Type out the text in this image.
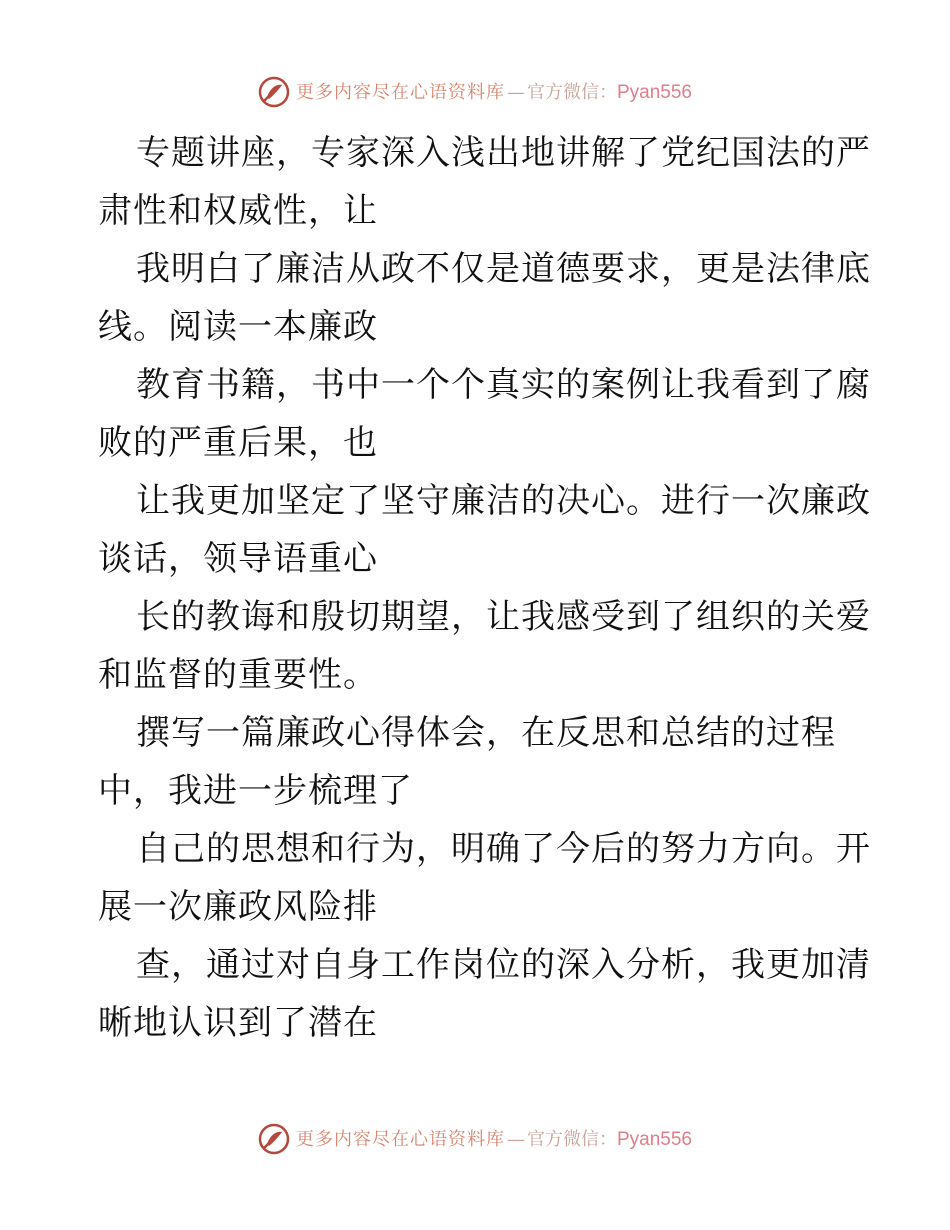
更多内容尽在心语资料库 — 官方微信： Pyan556

专题讲座，专家深入浅出地讲解了党纪国法的严
肃性和权威性，让

我明白了廉洁从政不仅是道德要求，更是法律底
线。阅读一本廉政

教育书籍，书中一个个真实的案例让我看到了腐
败的严重后果，也

让我更加坚定了坚守廉洁的决心。进行一次廉政
谈话，领导语重心

长的教诲和殷切期望，让我感受到了组织的关爱
和监督的重要性。

撰写一篇廉政心得体会，在反思和总结的过程
中，我进一步梳理了

自己的思想和行为，明确了今后的努力方向。开
展一次廉政风险排

查，通过对自身工作岗位的深入分析，我更加清
晰地认识到了潜在

更多内容尽在心语资料库 — 官方微信： Pyan556
